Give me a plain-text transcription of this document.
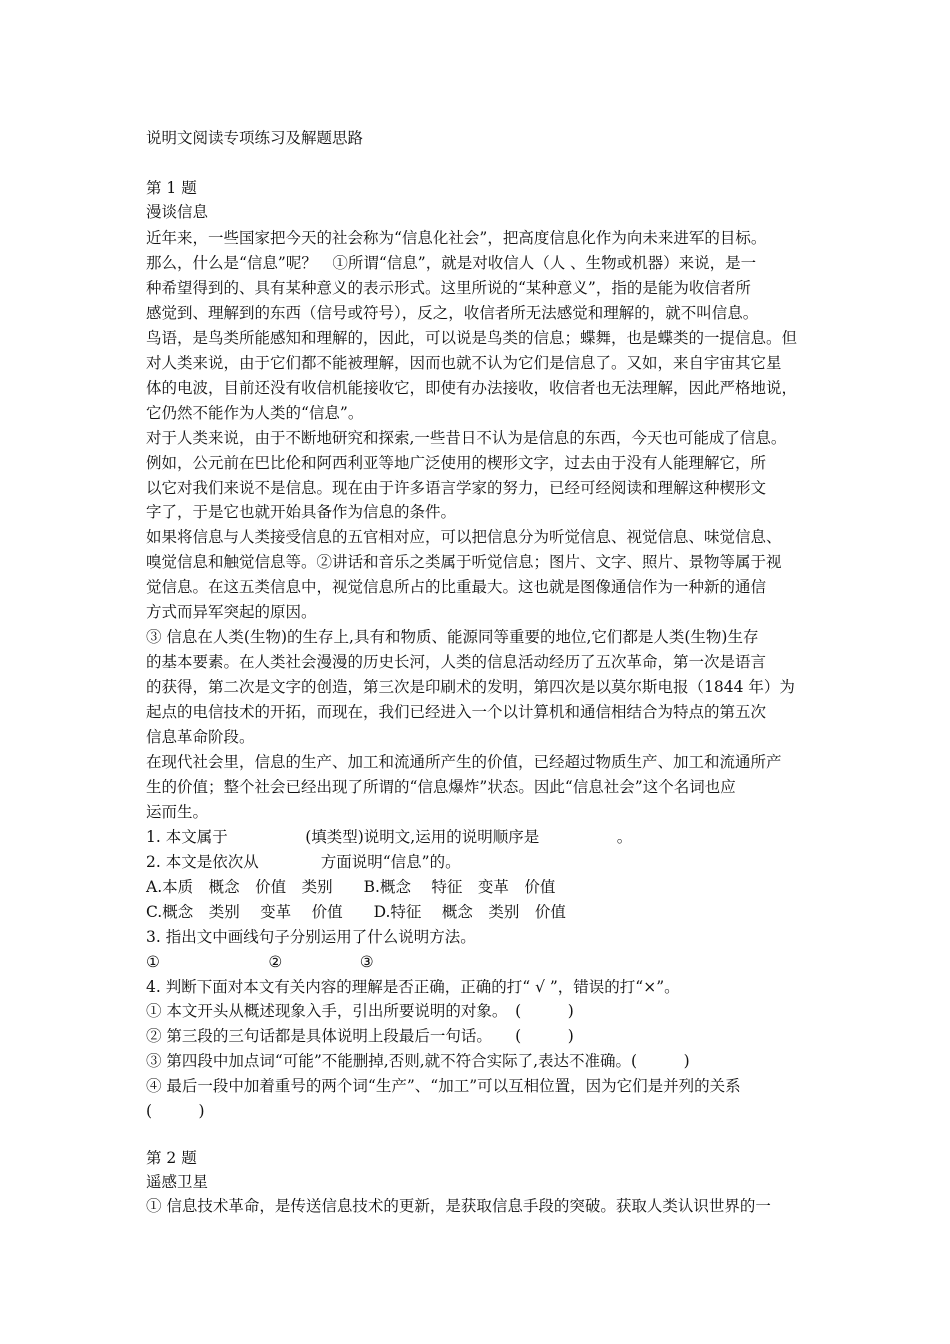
说明文阅读专项练习及解题思路
第 1 题
漫谈信息
近年来，一些国家把今天的社会称为“信息化社会”，把高度信息化作为向未来进军的目标。
那么，什么是“信息”呢？　①所谓“信息”，就是对收信人（人 、生物或机器）来说，是一
种希望得到的、具有某种意义的表示形式。这里所说的“某种意义”，指的是能为收信者所
感觉到、理解到的东西（信号或符号），反之，收信者所无法感觉和理解的，就不叫信息。
鸟语，是鸟类所能感知和理解的，因此，可以说是鸟类的信息；蝶舞，也是蝶类的一提信息。但
对人类来说，由于它们都不能被理解，因而也就不认为它们是信息了。又如，来自宇宙其它星
体的电波，目前还没有收信机能接收它，即使有办法接收，收信者也无法理解，因此严格地说，
它仍然不能作为人类的“信息”。
对于人类来说，由于不断地研究和探索,一些昔日不认为是信息的东西，今天也可能成了信息。
例如，公元前在巴比伦和阿西利亚等地广泛使用的楔形文字，过去由于没有人能理解它，所
以它对我们来说不是信息。现在由于许多语言学家的努力，已经可经阅读和理解这种楔形文
字了，于是它也就开始具备作为信息的条件。
如果将信息与人类接受信息的五官相对应，可以把信息分为听觉信息、视觉信息、味觉信息、
嗅觉信息和触觉信息等。②讲话和音乐之类属于听觉信息；图片、文字、照片、景物等属于视
觉信息。在这五类信息中，视觉信息所占的比重最大。这也就是图像通信作为一种新的通信
方式而异军突起的原因。
③ 信息在人类(生物)的生存上,具有和物质、能源同等重要的地位,它们都是人类(生物)生存
的基本要素。在人类社会漫漫的历史长河，人类的信息活动经历了五次革命，第一次是语言
的获得，第二次是文字的创造，第三次是印刷术的发明，第四次是以莫尔斯电报（1844 年）为
起点的电信技术的开拓，而现在，我们已经进入一个以计算机和通信相结合为特点的第五次
信息革命阶段。
在现代社会里，信息的生产、加工和流通所产生的价值，已经超过物质生产、加工和流通所产
生的价值；整个社会已经出现了所谓的“信息爆炸”状态。因此“信息社会”这个名词也应
运而生。
1. 本文属于　　　　　(填类型)说明文,运用的说明顺序是　　　　　。
2. 本文是依次从　　　　方面说明“信息”的。
A.本质　概念　价值　类别　　B.概念　 特征　变革　价值
C.概念　类别　 变革　 价值　　D.特征　 概念　类别　价值
3. 指出文中画线句子分别运用了什么说明方法。
①　　　　　　　②　　　　　③
4. 判断下面对本文有关内容的理解是否正确，正确的打“ √ ”，错误的打“×”。
① 本文开头从概述现象入手，引出所要说明的对象。　(　　　)
② 第三段的三句话都是具体说明上段最后一句话。　　(　　　)
③ 第四段中加点词“可能”不能删掉,否则,就不符合实际了,表达不准确。(　　　)
④ 最后一段中加着重号的两个词“生产”、“加工”可以互相位置，因为它们是并列的关系
(　　　)
第 2 题
遥感卫星
① 信息技术革命，是传送信息技术的更新，是获取信息手段的突破。获取人类认识世界的一
